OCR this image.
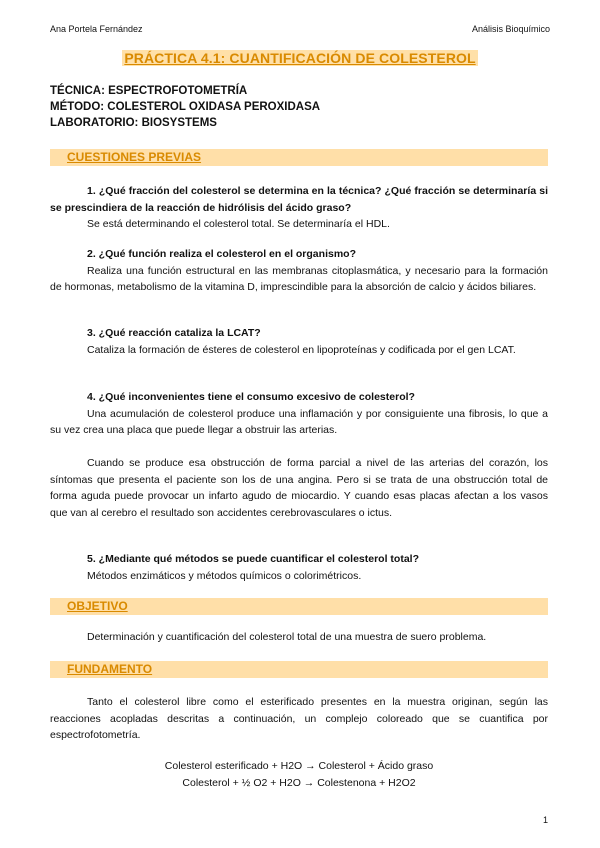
Ana Portela Fernández	Análisis Bioquímico
PRÁCTICA 4.1: CUANTIFICACIÓN DE COLESTEROL
TÉCNICA: ESPECTROFOTOMETRÍA
MÉTODO: COLESTEROL OXIDASA PEROXIDASA
LABORATORIO: BIOSYSTEMS
CUESTIONES PREVIAS

1. ¿Qué fracción del colesterol se determina en la técnica? ¿Qué fracción se determinaría si se prescindiera de la reacción de hidrólisis del ácido graso?

Se está determinando el colesterol total. Se determinaría el HDL.

2. ¿Qué función realiza el colesterol en el organismo?

Realiza una función estructural en las membranas citoplasmática, y necesario para la formación de hormonas, metabolismo de la vitamina D, imprescindible para la absorción de calcio y ácidos biliares.

3. ¿Qué reacción cataliza la LCAT?

Cataliza la formación de ésteres de colesterol en lipoproteínas y codificada por el gen LCAT.

4. ¿Qué inconvenientes tiene el consumo excesivo de colesterol?

Una acumulación de colesterol produce una inflamación y por consiguiente una fibrosis, lo que a su vez crea una placa que puede llegar a obstruir las arterias.

Cuando se produce esa obstrucción de forma parcial a nivel de las arterias del corazón, los síntomas que presenta el paciente son los de una angina. Pero si se trata de una obstrucción total de forma aguda puede provocar un infarto agudo de miocardio. Y cuando esas placas afectan a los vasos que van al cerebro el resultado son accidentes cerebrovasculares o ictus.

5. ¿Mediante qué métodos se puede cuantificar el colesterol total?

Métodos enzimáticos y métodos químicos o colorimétricos.

OBJETIVO

Determinación y cuantificación del colesterol total de una muestra de suero problema.

FUNDAMENTO

Tanto el colesterol libre como el esterificado presentes en la muestra originan, según las reacciones acopladas descritas a continuación, un complejo coloreado que se cuantifica por espectrofotometría.

Colesterol esterificado + H2O → Colesterol + Ácido graso

Colesterol + ½ O2 + H2O → Colestenona + H2O2

1
